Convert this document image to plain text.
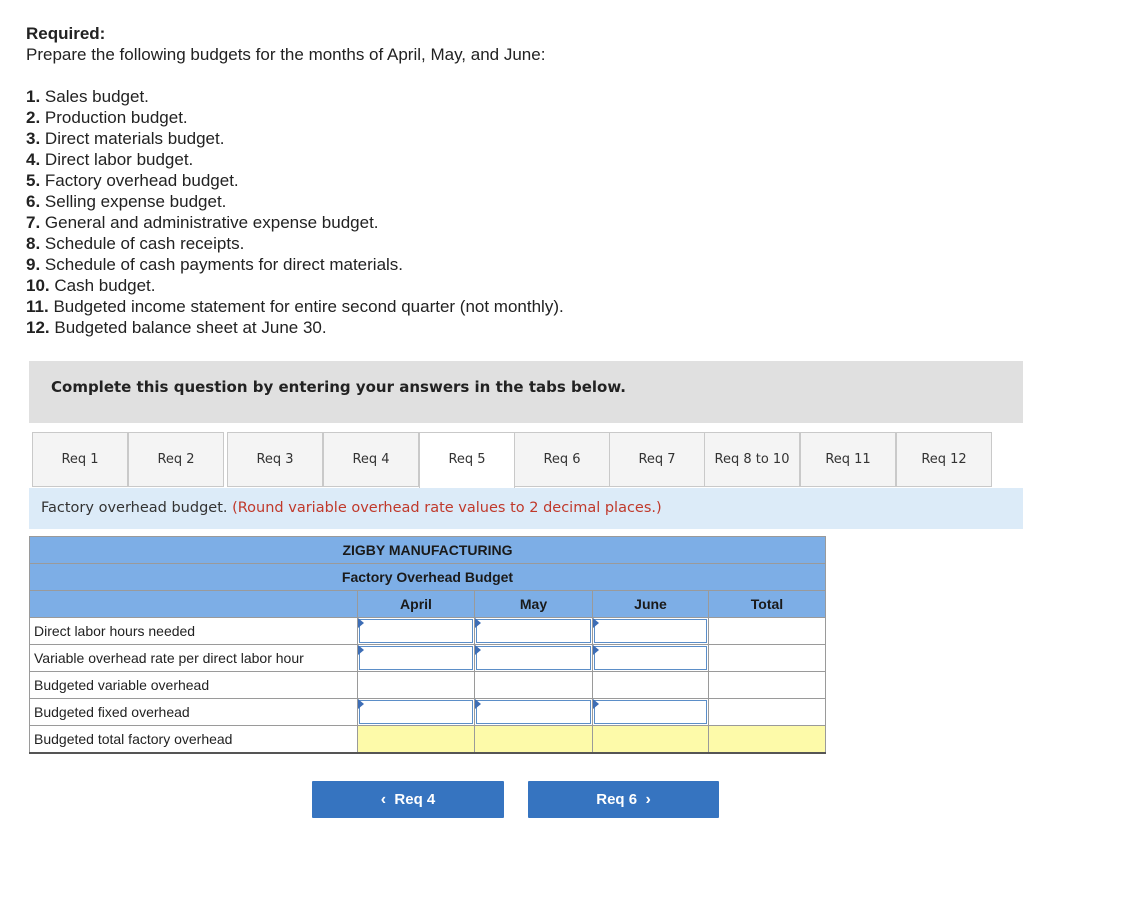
Required:
Prepare the following budgets for the months of April, May, and June:
1. Sales budget.
2. Production budget.
3. Direct materials budget.
4. Direct labor budget.
5. Factory overhead budget.
6. Selling expense budget.
7. General and administrative expense budget.
8. Schedule of cash receipts.
9. Schedule of cash payments for direct materials.
10. Cash budget.
11. Budgeted income statement for entire second quarter (not monthly).
12. Budgeted balance sheet at June 30.
Complete this question by entering your answers in the tabs below.
Req 1	Req 2	Req 3	Req 4	Req 5	Req 6	Req 7	Req 8 to 10	Req 11	Req 12
Factory overhead budget. (Round variable overhead rate values to 2 decimal places.)
ZIGBY MANUFACTURING				
Factory Overhead Budget				
	April	May	June	Total
Direct labor hours needed	

Variable overhead rate per direct labor hour	

Budgeted variable overhead				
Budgeted fixed overhead	

Budgeted total factory overhead				
‹ Req 4	Req 6 ›
